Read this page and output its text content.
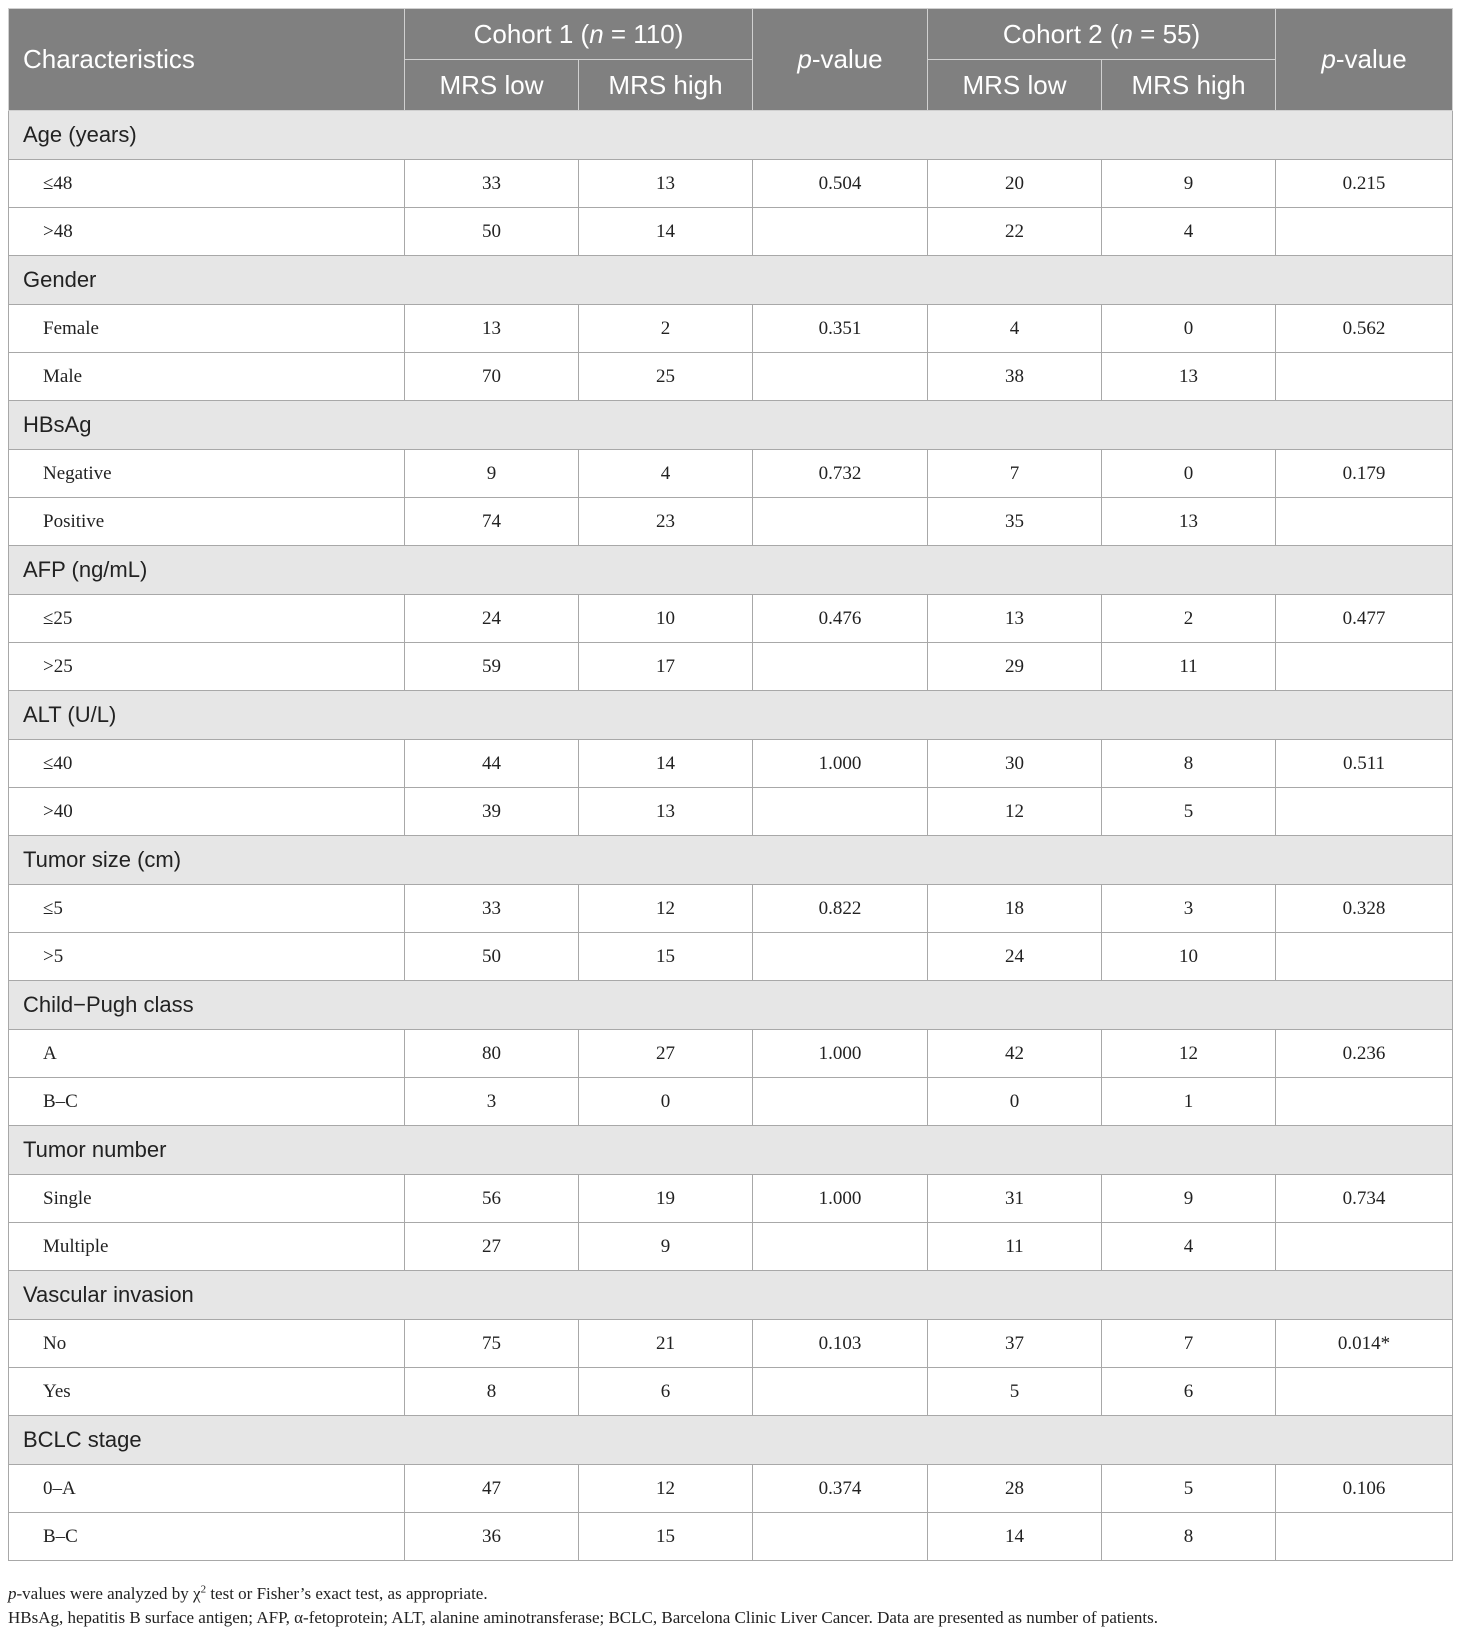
Characteristics	Cohort 1 (n = 110)		p-value	Cohort 2 (n = 55)		p-value
	MRS low	MRS high		MRS low	MRS high	
Age (years)						
≤48	33	13	0.504	20	9	0.215
>48	50	14		22	4	
Gender						
Female	13	2	0.351	4	0	0.562
Male	70	25		38	13	
HBsAg						
Negative	9	4	0.732	7	0	0.179
Positive	74	23		35	13	
AFP (ng/mL)						
≤25	24	10	0.476	13	2	0.477
>25	59	17		29	11	
ALT (U/L)						
≤40	44	14	1.000	30	8	0.511
>40	39	13		12	5	
Tumor size (cm)						
≤5	33	12	0.822	18	3	0.328
>5	50	15		24	10	
Child−Pugh class						
A	80	27	1.000	42	12	0.236
B–C	3	0		0	1	
Tumor number						
Single	56	19	1.000	31	9	0.734
Multiple	27	9		11	4	
Vascular invasion						
No	75	21	0.103	37	7	0.014*
Yes	8	6		5	6	
BCLC stage						
0–A	47	12	0.374	28	5	0.106
B–C	36	15		14	8	

p-values were analyzed by $\chi^2$ test or Fisher’s exact test, as appropriate.

HBsAg, hepatitis B surface antigen; AFP, α-fetoprotein; ALT, alanine aminotransferase; BCLC, Barcelona Clinic Liver Cancer. Data are presented as number of patients.
